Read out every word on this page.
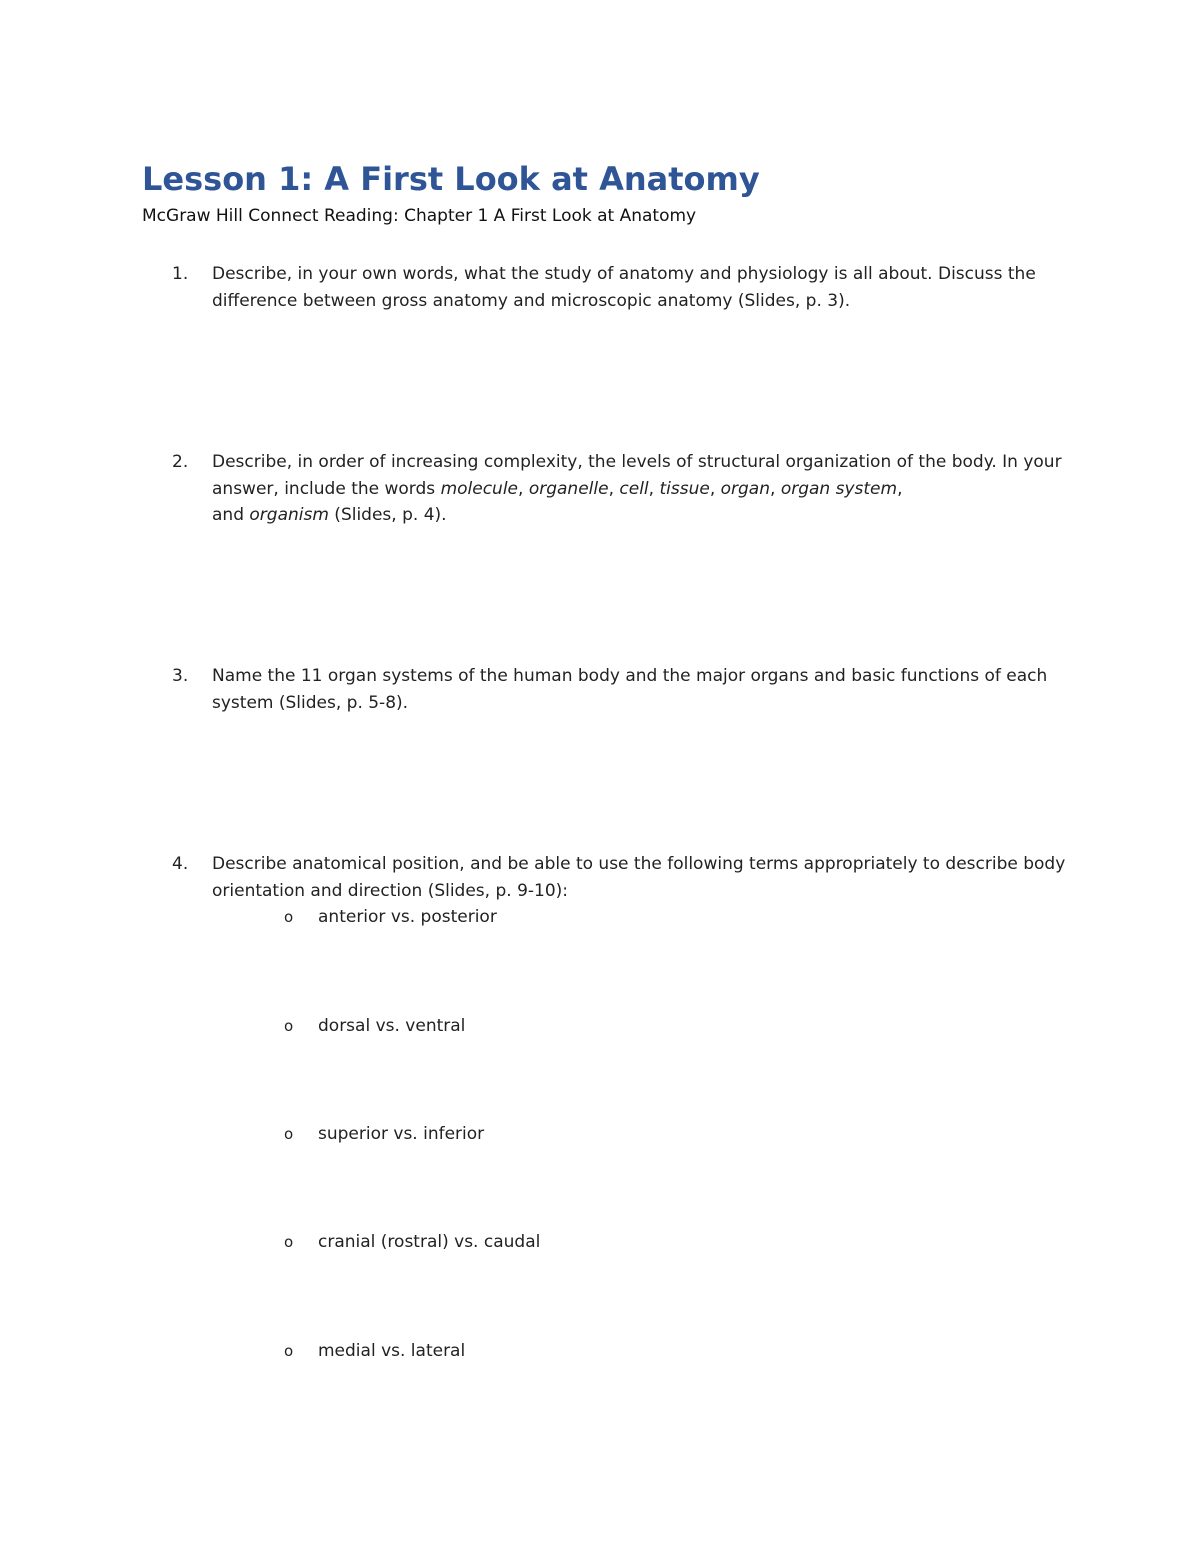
Lesson 1: A First Look at Anatomy

McGraw Hill Connect Reading: Chapter 1 A First Look at Anatomy

1. Describe, in your own words, what the study of anatomy and physiology is all about. Discuss the difference between gross anatomy and microscopic anatomy (Slides, p. 3).
2. Describe, in order of increasing complexity, the levels of structural organization of the body. In your answer, include the words molecule, organelle, cell, tissue, organ, organ system,
and organism (Slides, p. 4).
3. Name the 11 organ systems of the human body and the major organs and basic functions of each system (Slides, p. 5-8).
4. Describe anatomical position, and be able to use the following terms appropriately to describe body orientation and direction (Slides, p. 9-10):
o anterior vs. posterior
o dorsal vs. ventral
o superior vs. inferior
o cranial (rostral) vs. caudal
o medial vs. lateral
